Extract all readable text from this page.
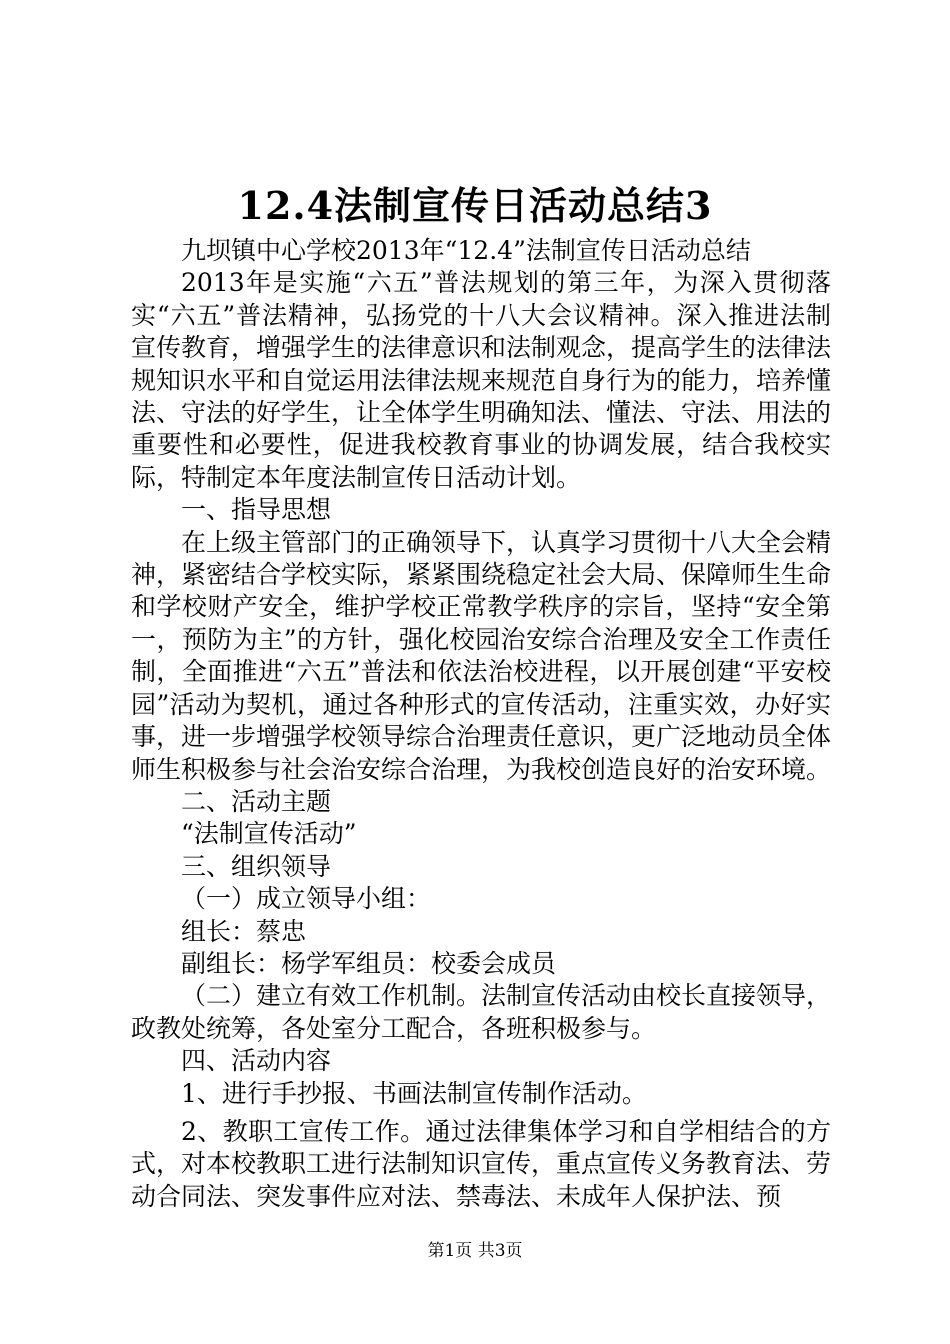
12.4法制宣传日活动总结3

九坝镇中心学校2013年“12.4”法制宣传日活动总结

2013年是实施“六五”普法规划的第三年，为深入贯彻落实“六五”普法精神，弘扬党的十八大会议精神。深入推进法制宣传教育，增强学生的法律意识和法制观念，提高学生的法律法规知识水平和自觉运用法律法规来规范自身行为的能力，培养懂法、守法的好学生，让全体学生明确知法、懂法、守法、用法的重要性和必要性，促进我校教育事业的协调发展，结合我校实际，特制定本年度法制宣传日活动计划。

一、指导思想

在上级主管部门的正确领导下，认真学习贯彻十八大全会精神，紧密结合学校实际，紧紧围绕稳定社会大局、保障师生生命和学校财产安全，维护学校正常教学秩序的宗旨，坚持“安全第一，预防为主”的方针，强化校园治安综合治理及安全工作责任制，全面推进“六五”普法和依法治校进程，以开展创建“平安校园”活动为契机，通过各种形式的宣传活动，注重实效，办好实事，进一步增强学校领导综合治理责任意识，更广泛地动员全体师生积极参与社会治安综合治理，为我校创造良好的治安环境。

二、活动主题

“法制宣传活动”

三、组织领导

（一）成立领导小组：

组长：蔡忠

副组长：杨学军组员：校委会成员

（二）建立有效工作机制。法制宣传活动由校长直接领导，政教处统筹，各处室分工配合，各班积极参与。

四、活动内容

1、进行手抄报、书画法制宣传制作活动。

2、教职工宣传工作。通过法律集体学习和自学相结合的方式，对本校教职工进行法制知识宣传，重点宣传义务教育法、劳动合同法、突发事件应对法、禁毒法、未成年人保护法、预

第1页 共3页
